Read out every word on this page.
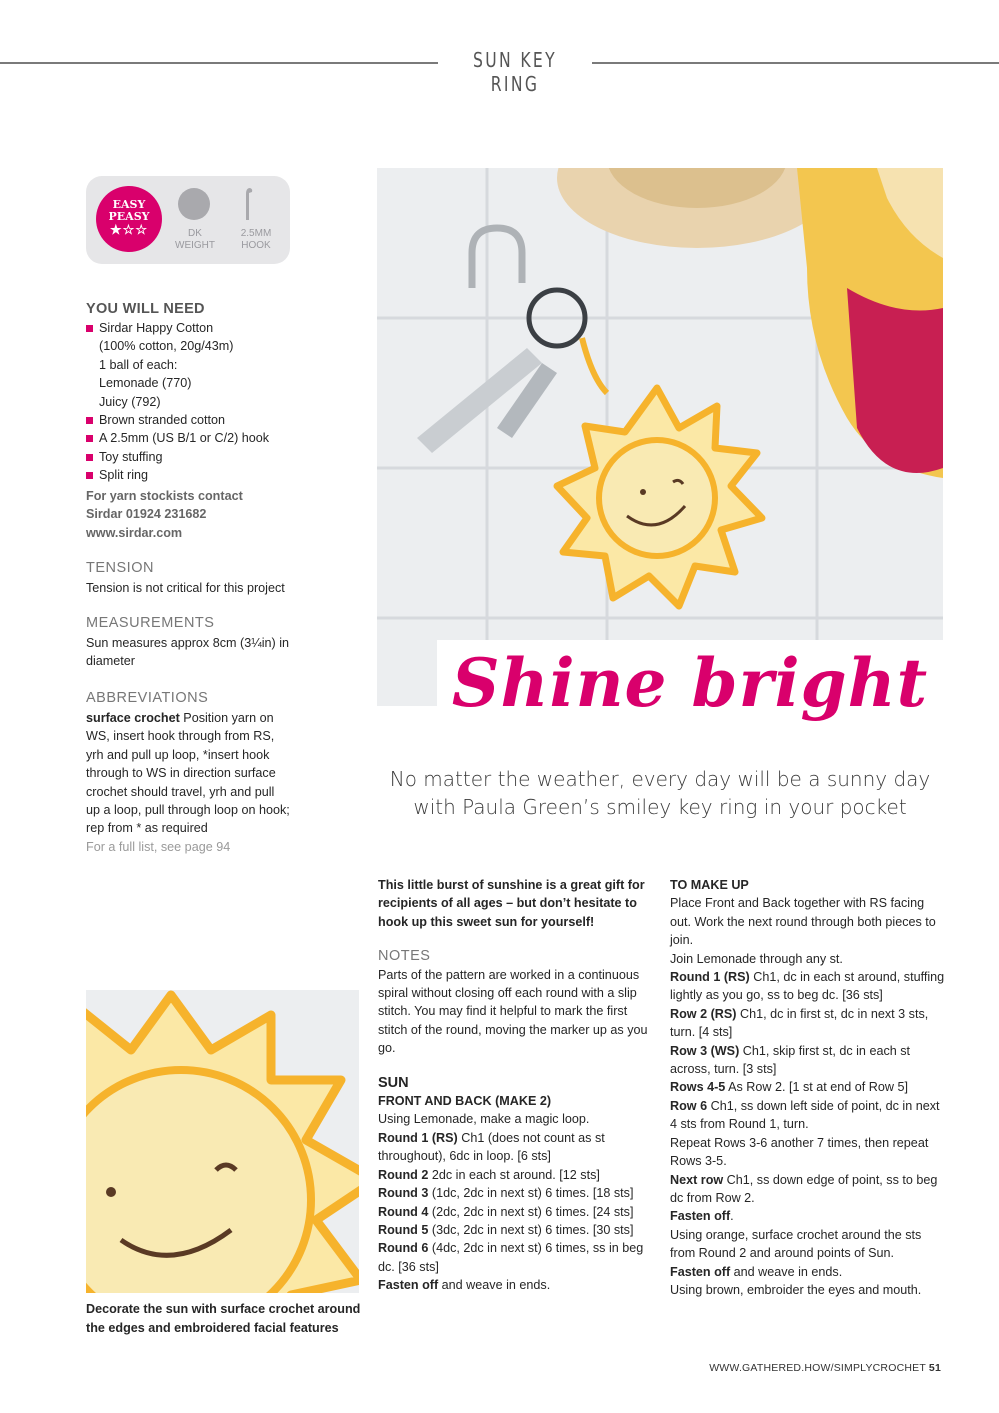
SUN KEY RING
EASY
PEASY
★☆☆	DK
WEIGHT
2.5MM
HOOK
YOU WILL NEED
Sirdar Happy Cotton
(100% cotton, 20g/43m)
1 ball of each:
Lemonade (770)
Juicy (792)
Brown stranded cotton
A 2.5mm (US B/1 or C/2) hook
Toy stuffing
Split ring
For yarn stockists contact
Sirdar 01924 231682
www.sirdar.com
TENSION
Tension is not critical for this project
MEASUREMENTS
Sun measures approx 8cm (3¼in) in diameter
ABBREVIATIONS
surface crochet Position yarn on WS, insert hook through from RS, yrh and pull up loop, *insert hook through to WS in direction surface crochet should travel, yrh and pull up a loop, pull through loop on hook; rep from * as required
For a full list, see page 94
Shine bright
No matter the weather, every day will be a sunny day
with Paula Green’s smiley key ring in your pocket
Decorate the sun with surface crochet around the edges and embroidered facial features
This little burst of sunshine is a great gift for recipients of all ages – but don’t hesitate to hook up this sweet sun for yourself!
NOTES
Parts of the pattern are worked in a continuous spiral without closing off each round with a slip stitch. You may find it helpful to mark the first stitch of the round, moving the marker up as you go.
SUN
FRONT AND BACK (MAKE 2)
Using Lemonade, make a magic loop.
Round 1 (RS) Ch1 (does not count as st throughout), 6dc in loop. [6 sts]
Round 2 2dc in each st around. [12 sts]
Round 3 (1dc, 2dc in next st) 6 times. [18 sts]
Round 4 (2dc, 2dc in next st) 6 times. [24 sts]
Round 5 (3dc, 2dc in next st) 6 times. [30 sts]
Round 6 (4dc, 2dc in next st) 6 times, ss in beg dc. [36 sts]
Fasten off and weave in ends.
TO MAKE UP
Place Front and Back together with RS facing out. Work the next round through both pieces to join.
Join Lemonade through any st.
Round 1 (RS) Ch1, dc in each st around, stuffing lightly as you go, ss to beg dc. [36 sts]
Row 2 (RS) Ch1, dc in first st, dc in next 3 sts, turn. [4 sts]
Row 3 (WS) Ch1, skip first st, dc in each st across, turn. [3 sts]
Rows 4-5 As Row 2. [1 st at end of Row 5]
Row 6 Ch1, ss down left side of point, dc in next 4 sts from Round 1, turn.
Repeat Rows 3-6 another 7 times, then repeat Rows 3-5.
Next row Ch1, ss down edge of point, ss to beg dc from Row 2.
Fasten off.
Using orange, surface crochet around the sts from Round 2 and around points of Sun.
Fasten off and weave in ends.
Using brown, embroider the eyes and mouth.
WWW.GATHERED.HOW/SIMPLYCROCHET 51
